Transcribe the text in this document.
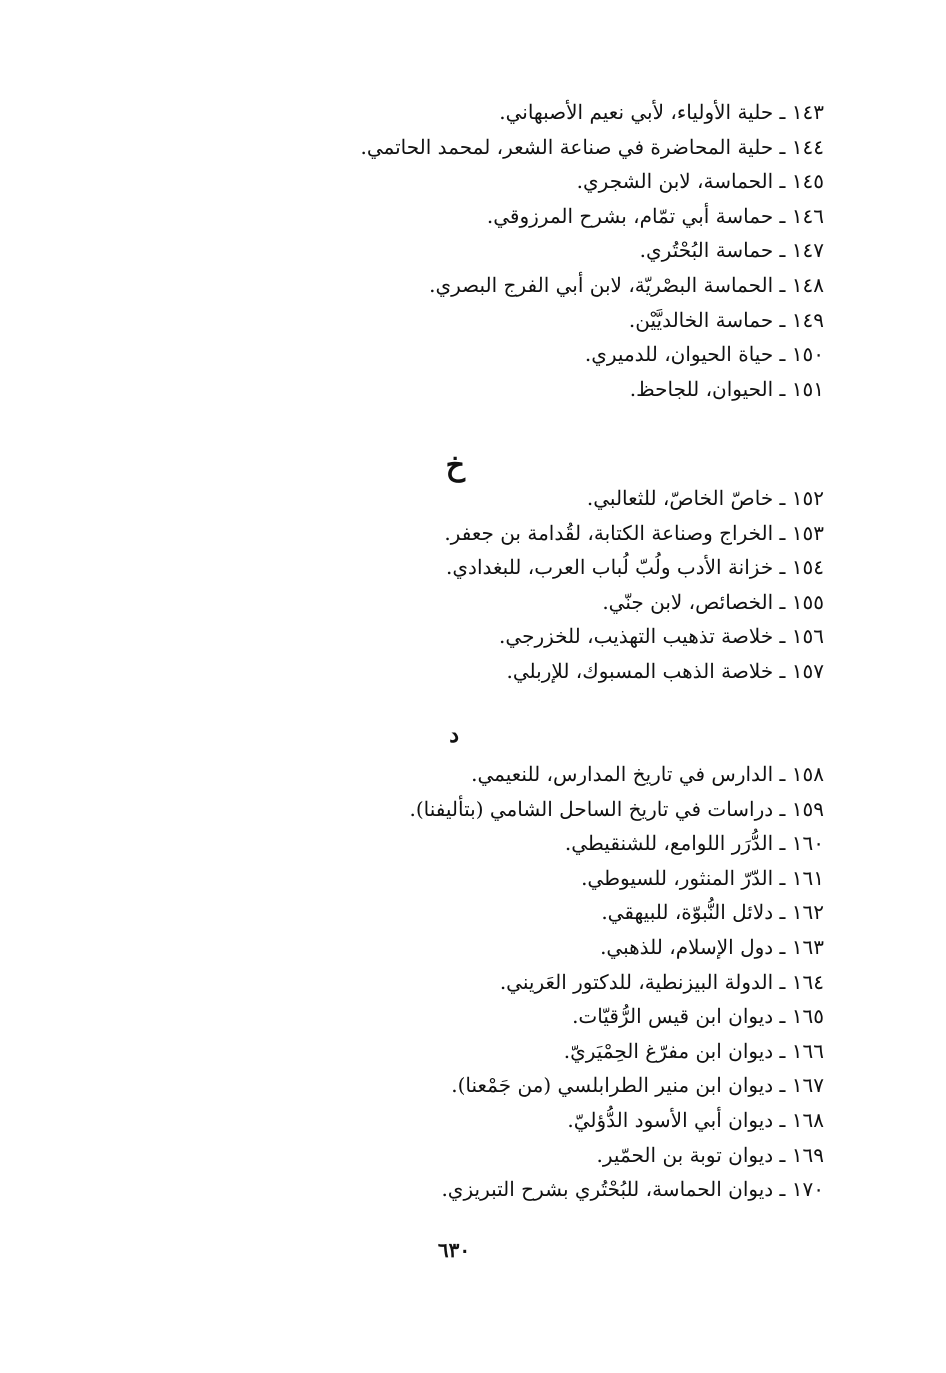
١٤٣ ـ حلية الأولياء، لأبي نعيم الأصبهاني.
١٤٤ ـ حلية المحاضرة في صناعة الشعر، لمحمد الحاتمي.
١٤٥ ـ الحماسة، لابن الشجري.
١٤٦ ـ حماسة أبي تمّام، بشرح المرزوقي.
١٤٧ ـ حماسة البُحْتُري.
١٤٨ ـ الحماسة البصْريّة، لابن أبي الفرج البصري.
١٤٩ ـ حماسة الخالديَّيْن.
١٥٠ ـ حياة الحيوان، للدميري.
١٥١ ـ الحيوان، للجاحظ.
خ
١٥٢ ـ خاصّ الخاصّ، للثعالبي.
١٥٣ ـ الخراج وصناعة الكتابة، لقُدامة بن جعفر.
١٥٤ ـ خزانة الأدب ولُبّ لُباب العرب، للبغدادي.
١٥٥ ـ الخصائص، لابن جنّي.
١٥٦ ـ خلاصة تذهيب التهذيب، للخزرجي.
١٥٧ ـ خلاصة الذهب المسبوك، للإربلي.
د
١٥٨ ـ الدارس في تاريخ المدارس، للنعيمي.
١٥٩ ـ دراسات في تاريخ الساحل الشامي (بتأليفنا).
١٦٠ ـ الدُّرَر اللوامع، للشنقيطي.
١٦١ ـ الدّرّ المنثور، للسيوطي.
١٦٢ ـ دلائل النُّبوّة، للبيهقي.
١٦٣ ـ دول الإسلام، للذهبي.
١٦٤ ـ الدولة البيزنطية، للدكتور العَريني.
١٦٥ ـ ديوان ابن قيس الرُّقيّات.
١٦٦ ـ ديوان ابن مفرّغ الحِمْيَريّ.
١٦٧ ـ ديوان ابن منير الطرابلسي (من جَمْعنا).
١٦٨ ـ ديوان أبي الأسود الدُّؤليّ.
١٦٩ ـ ديوان توبة بن الحمّير.
١٧٠ ـ ديوان الحماسة، للبُحْتُري بشرح التبريزي.
٦٣٠
